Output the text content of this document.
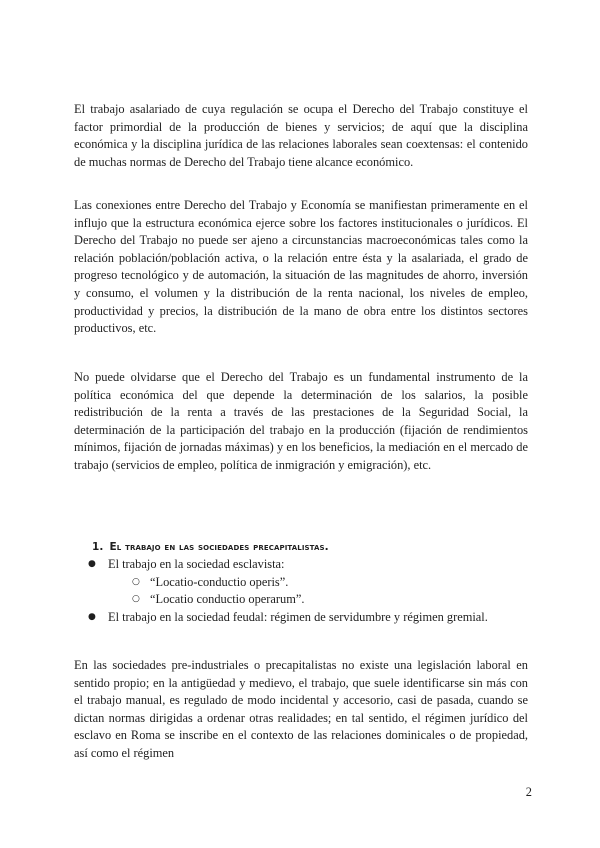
El trabajo asalariado de cuya regulación se ocupa el Derecho del Trabajo constituye el factor primordial de la producción de bienes y servicios; de aquí que la disciplina económica y la disciplina jurídica de las relaciones laborales sean coextensas: el contenido de muchas normas de Derecho del Trabajo tiene alcance económico.

Las conexiones entre Derecho del Trabajo y Economía se manifiestan primeramente en el influjo que la estructura económica ejerce sobre los factores institucionales o jurídicos. El Derecho del Trabajo no puede ser ajeno a circunstancias macroeconómicas tales como la relación población/población activa, o la relación entre ésta y la asalariada, el grado de progreso tecnológico y de automación, la situación de las magnitudes de ahorro, inversión y consumo, el volumen y la distribución de la renta nacional, los niveles de empleo, productividad y precios, la distribución de la mano de obra entre los distintos sectores productivos, etc.

No puede olvidarse que el Derecho del Trabajo es un fundamental instrumento de la política económica del que depende la determinación de los salarios, la posible redistribución de la renta a través de las prestaciones de la Seguridad Social, la determinación de la participación del trabajo en la producción (fijación de rendimientos mínimos, fijación de jornadas máximas) y en los beneficios, la mediación en el mercado de trabajo (servicios de empleo, política de inmigración y emigración), etc.

1. El trabajo en las sociedades precapitalistas.
● El trabajo en la sociedad esclavista:
○ “Locatio-conductio operis”.
○ “Locatio conductio operarum”.
● El trabajo en la sociedad feudal: régimen de servidumbre y régimen gremial.

En las sociedades pre-industriales o precapitalistas no existe una legislación laboral en sentido propio; en la antigüedad y medievo, el trabajo, que suele identificarse sin más con el trabajo manual, es regulado de modo incidental y accesorio, casi de pasada, cuando se dictan normas dirigidas a ordenar otras realidades; en tal sentido, el régimen jurídico del esclavo en Roma se inscribe en el contexto de las relaciones dominicales o de propiedad, así como el régimen

2
